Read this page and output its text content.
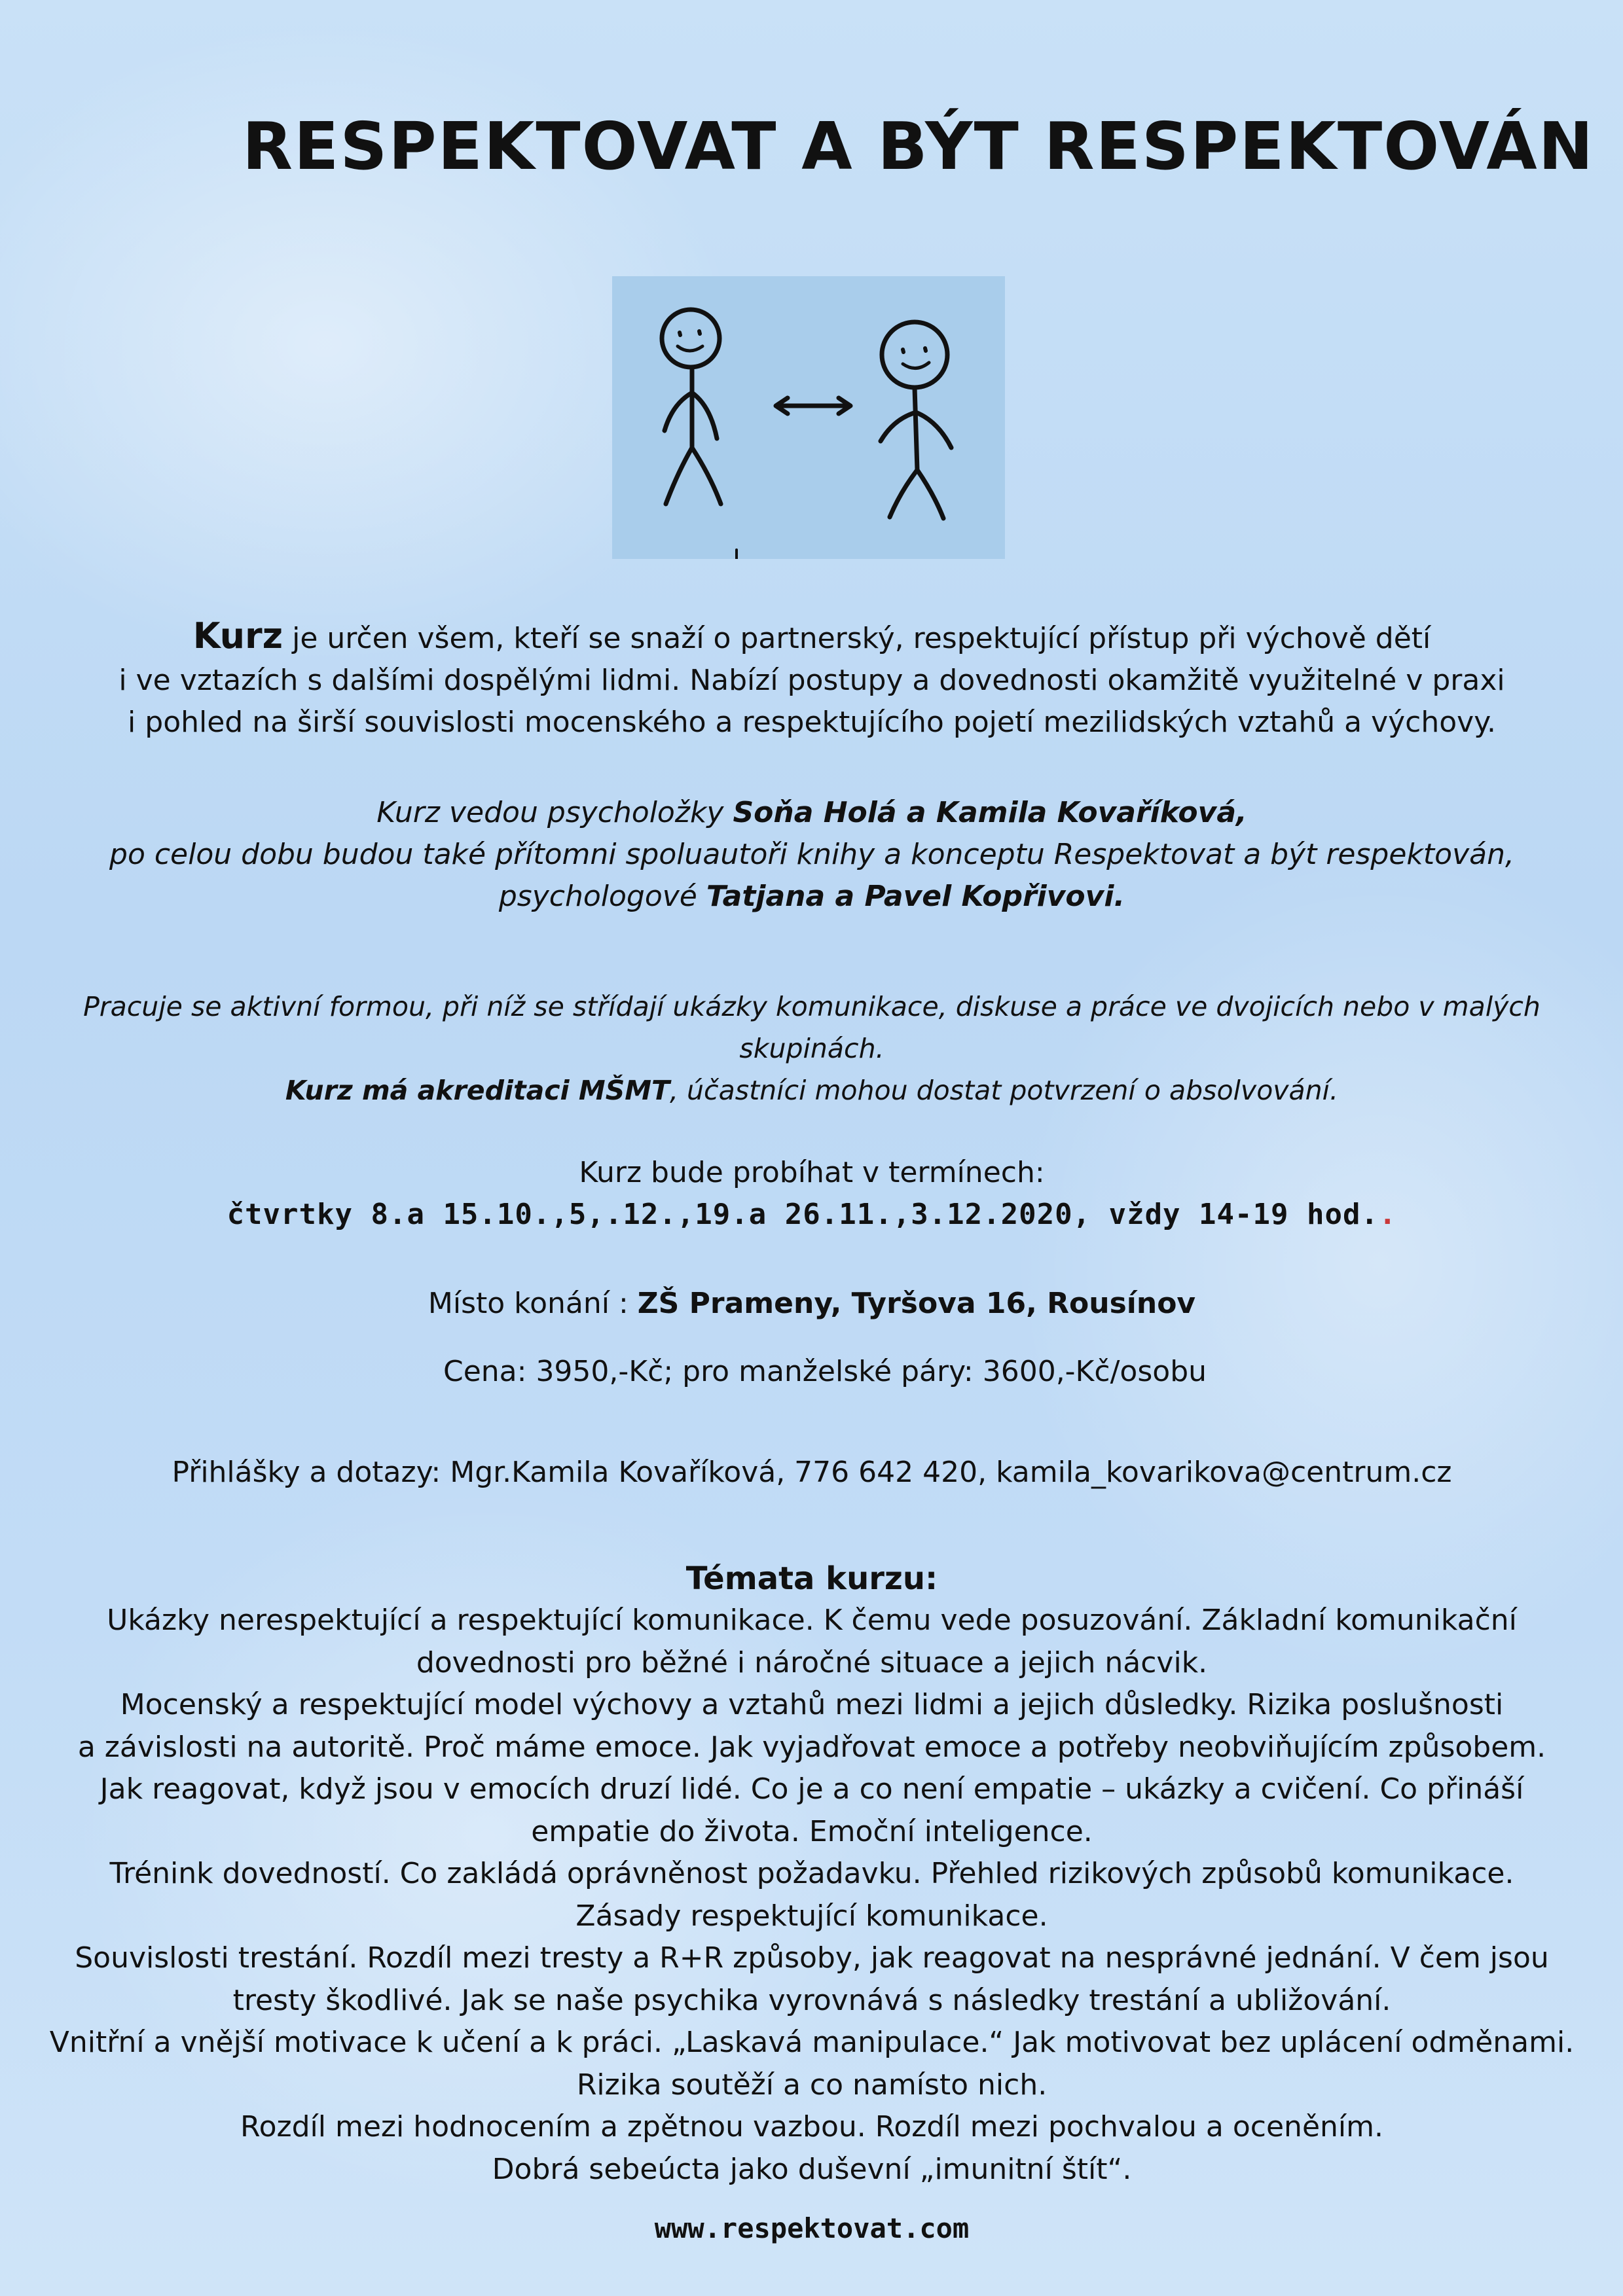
RESPEKTOVAT A BÝT RESPEKTOVÁN
Kurz je určen všem, kteří se snaží o partnerský, respektující přístup při výchově dětí
i ve vztazích s dalšími dospělými lidmi. Nabízí postupy a dovednosti okamžitě využitelné v praxi
i pohled na širší souvislosti mocenského a respektujícího pojetí mezilidských vztahů a výchovy.
Kurz vedou psycholožky Soňa Holá a Kamila Kovaříková,
po celou dobu budou také přítomni spoluautoři knihy a konceptu Respektovat a být respektován,
psychologové Tatjana a Pavel Kopřivovi.
Pracuje se aktivní formou, při níž se střídají ukázky komunikace, diskuse a práce ve dvojicích nebo v malých
skupinách.
Kurz má akreditaci MŠMT, účastníci mohou dostat potvrzení o absolvování.
Kurz bude probíhat v termínech:
čtvrtky 8.a 15.10.,5,.12.,19.a 26.11.,3.12.2020, vždy 14-19 hod..
Místo konání : ZŠ Prameny, Tyršova 16, Rousínov
Cena: 3950,-Kč; pro manželské páry: 3600,-Kč/osobu
Přihlášky a dotazy: Mgr.Kamila Kovaříková, 776 642 420, kamila_kovarikova@centrum.cz
Témata kurzu:
Ukázky nerespektující a respektující komunikace. K čemu vede posuzování. Základní komunikační
dovednosti pro běžné i náročné situace a jejich nácvik.
Mocenský a respektující model výchovy a vztahů mezi lidmi a jejich důsledky. Rizika poslušnosti
a závislosti na autoritě. Proč máme emoce. Jak vyjadřovat emoce a potřeby neobviňujícím způsobem.
Jak reagovat, když jsou v emocích druzí lidé. Co je a co není empatie – ukázky a cvičení. Co přináší
empatie do života. Emoční inteligence.
Trénink dovedností. Co zakládá oprávněnost požadavku. Přehled rizikových způsobů komunikace.
Zásady respektující komunikace.
Souvislosti trestání. Rozdíl mezi tresty a R+R způsoby, jak reagovat na nesprávné jednání. V čem jsou
tresty škodlivé. Jak se naše psychika vyrovnává s následky trestání a ubližování.
Vnitřní a vnější motivace k učení a k práci. „Laskavá manipulace.“ Jak motivovat bez uplácení odměnami.
Rizika soutěží a co namísto nich.
Rozdíl mezi hodnocením a zpětnou vazbou. Rozdíl mezi pochvalou a oceněním.
Dobrá sebeúcta jako duševní „imunitní štít“.
www.respektovat.com
